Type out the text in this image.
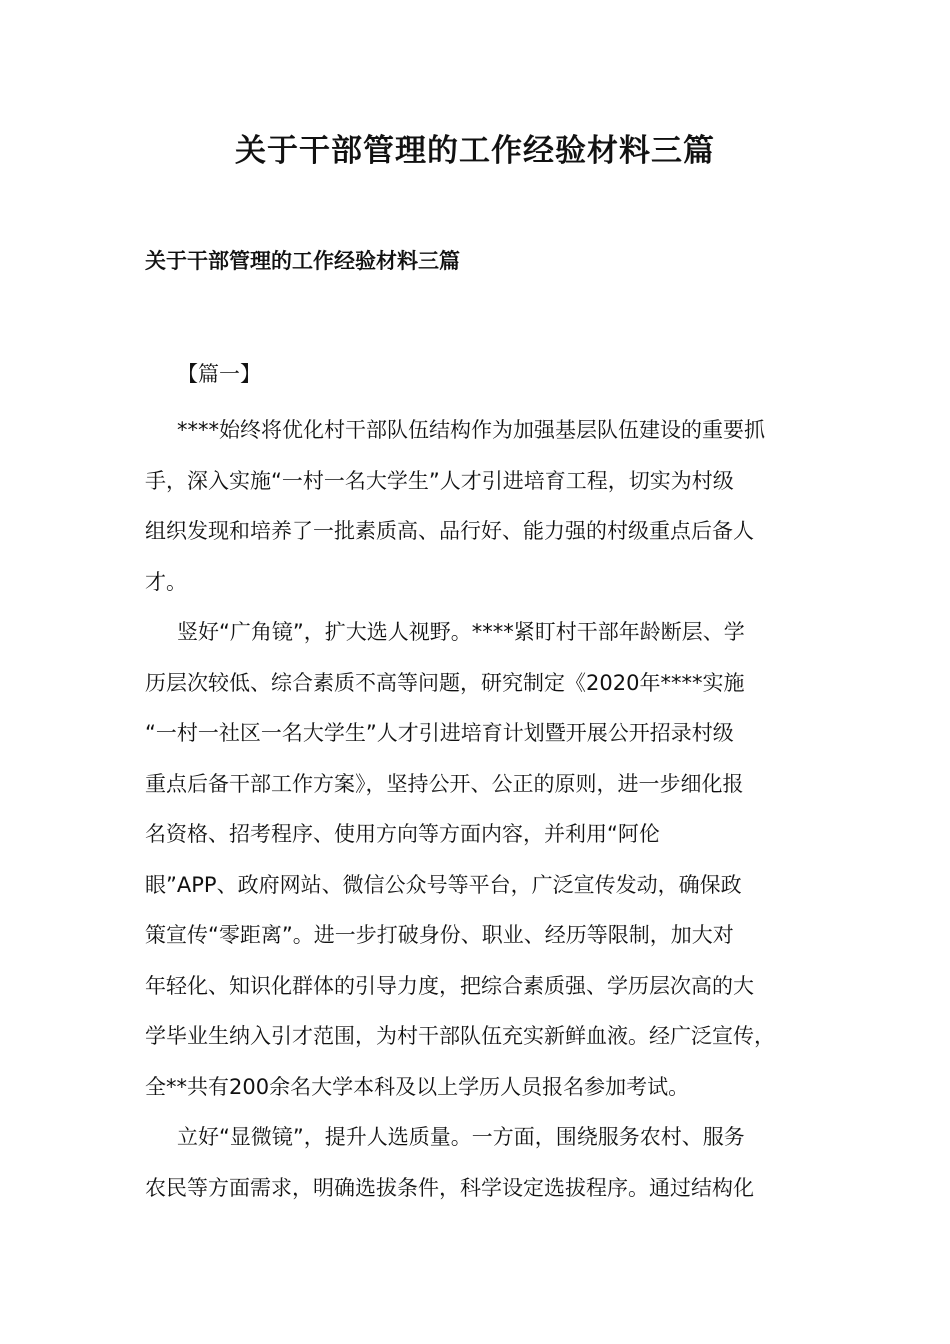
关于干部管理的工作经验材料三篇

关于干部管理的工作经验材料三篇

【篇一】

****始终将优化村干部队伍结构作为加强基层队伍建设的重要抓
手，深入实施“一村一名大学生”人才引进培育工程，切实为村级
组织发现和培养了一批素质高、品行好、能力强的村级重点后备人
才。
竖好“广角镜”，扩大选人视野。****紧盯村干部年龄断层、学
历层次较低、综合素质不高等问题，研究制定《2020年****实施
“一村一社区一名大学生”人才引进培育计划暨开展公开招录村级
重点后备干部工作方案》，坚持公开、公正的原则，进一步细化报
名资格、招考程序、使用方向等方面内容，并利用“阿伦
眼”APP、政府网站、微信公众号等平台，广泛宣传发动，确保政
策宣传“零距离”。进一步打破身份、职业、经历等限制，加大对
年轻化、知识化群体的引导力度，把综合素质强、学历层次高的大
学毕业生纳入引才范围，为村干部队伍充实新鲜血液。经广泛宣传，
全**共有200余名大学本科及以上学历人员报名参加考试。
立好“显微镜”，提升人选质量。一方面，围绕服务农村、服务
农民等方面需求，明确选拔条件，科学设定选拔程序。通过结构化
